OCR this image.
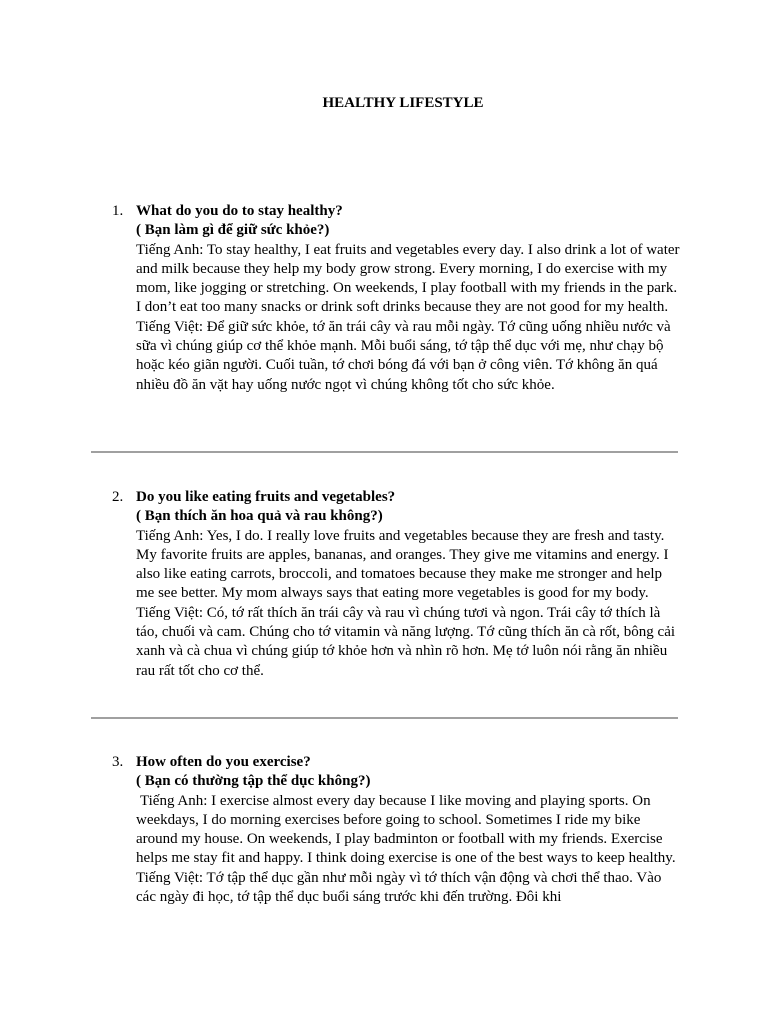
HEALTHY LIFESTYLE
1. What do you do to stay healthy?
( Bạn làm gì để giữ sức khỏe?)

Tiếng Anh: To stay healthy, I eat fruits and vegetables every day. I also drink a lot of water and milk because they help my body grow strong. Every morning, I do exercise with my mom, like jogging or stretching. On weekends, I play football with my friends in the park. I don’t eat too many snacks or drink soft drinks because they are not good for my health.

Tiếng Việt: Để giữ sức khỏe, tớ ăn trái cây và rau mỗi ngày. Tớ cũng uống nhiều nước và sữa vì chúng giúp cơ thể khỏe mạnh. Mỗi buổi sáng, tớ tập thể dục với mẹ, như chạy bộ hoặc kéo giãn người. Cuối tuần, tớ chơi bóng đá với bạn ở công viên. Tớ không ăn quá nhiều đồ ăn vặt hay uống nước ngọt vì chúng không tốt cho sức khỏe.

2. Do you like eating fruits and vegetables?
( Bạn thích ăn hoa quả và rau không?)

Tiếng Anh: Yes, I do. I really love fruits and vegetables because they are fresh and tasty. My favorite fruits are apples, bananas, and oranges. They give me vitamins and energy. I also like eating carrots, broccoli, and tomatoes because they make me stronger and help me see better. My mom always says that eating more vegetables is good for my body.

Tiếng Việt: Có, tớ rất thích ăn trái cây và rau vì chúng tươi và ngon. Trái cây tớ thích là táo, chuối và cam. Chúng cho tớ vitamin và năng lượng. Tớ cũng thích ăn cà rốt, bông cải xanh và cà chua vì chúng giúp tớ khỏe hơn và nhìn rõ hơn. Mẹ tớ luôn nói rằng ăn nhiều rau rất tốt cho cơ thể.

3. How often do you exercise?
( Bạn có thường tập thể dục không?)

Tiếng Anh: I exercise almost every day because I like moving and playing sports. On weekdays, I do morning exercises before going to school. Sometimes I ride my bike around my house. On weekends, I play badminton or football with my friends. Exercise helps me stay fit and happy. I think doing exercise is one of the best ways to keep healthy.

Tiếng Việt: Tớ tập thể dục gần như mỗi ngày vì tớ thích vận động và chơi thể thao. Vào các ngày đi học, tớ tập thể dục buổi sáng trước khi đến trường. Đôi khi
